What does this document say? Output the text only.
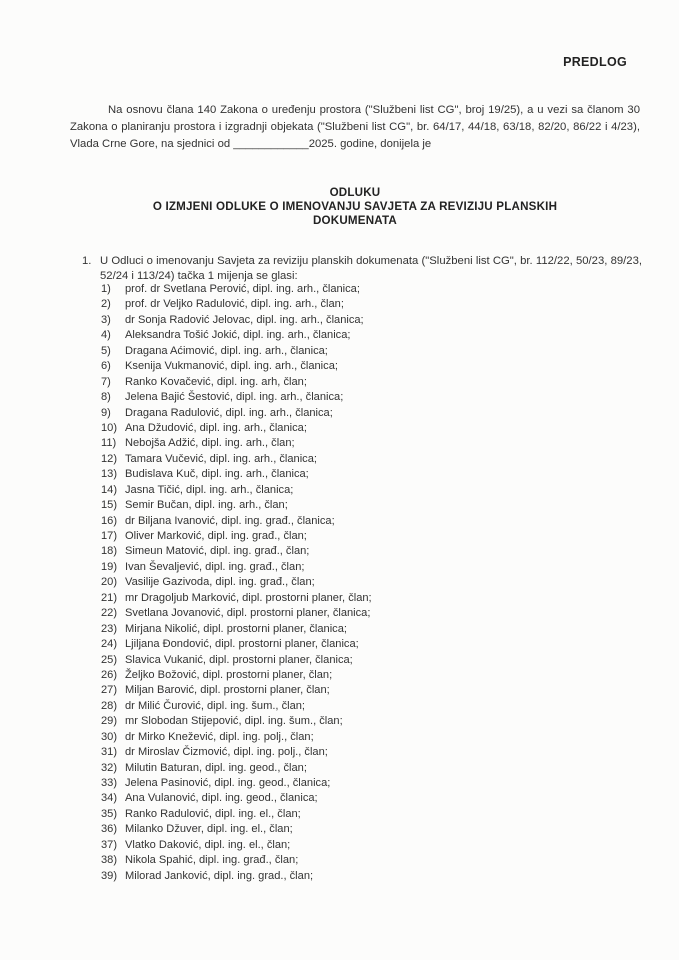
PREDLOG
Na osnovu člana 140 Zakona o uređenju prostora ("Službeni list CG", broj 19/25), a u vezi sa članom 30 Zakona o planiranju prostora i izgradnji objekata ("Službeni list CG", br. 64/17, 44/18, 63/18, 82/20, 86/22 i 4/23), Vlada Crne Gore, na sjednici od ____________2025. godine, donijela je
ODLUKU
O IZMJENI ODLUKE O IMENOVANJU SAVJETA ZA REVIZIJU PLANSKIH
DOKUMENATA
1. U Odluci o imenovanju Savjeta za reviziju planskih dokumenata ("Službeni list CG", br. 112/22, 50/23, 89/23, 52/24 i 113/24) tačka 1 mijenja se glasi:
1) prof. dr Svetlana Perović, dipl. ing. arh., članica;
2) prof. dr Veljko Radulović, dipl. ing. arh., član;
3) dr Sonja Radović Jelovac, dipl. ing. arh., članica;
4) Aleksandra Tošić Jokić, dipl. ing. arh., članica;
5) Dragana Aćimović, dipl. ing. arh., članica;
6) Ksenija Vukmanović, dipl. ing. arh., članica;
7) Ranko Kovačević, dipl. ing. arh, član;
8) Jelena Bajić Šestović, dipl. ing. arh., članica;
9) Dragana Radulović, dipl. ing. arh., članica;
10) Ana Džudović, dipl. ing. arh., članica;
11) Nebojša Adžić, dipl. ing. arh., član;
12) Tamara Vučević, dipl. ing. arh., članica;
13) Budislava Kuč, dipl. ing. arh., članica;
14) Jasna Tičić, dipl. ing. arh., članica;
15) Semir Bučan, dipl. ing. arh., član;
16) dr Biljana Ivanović, dipl. ing. građ., članica;
17) Oliver Marković, dipl. ing. građ., član;
18) Simeun Matović, dipl. ing. građ., član;
19) Ivan Ševaljević, dipl. ing. građ., član;
20) Vasilije Gazivoda, dipl. ing. građ., član;
21) mr Dragoljub Marković, dipl. prostorni planer, član;
22) Svetlana Jovanović, dipl. prostorni planer, članica;
23) Mirjana Nikolić, dipl. prostorni planer, članica;
24) Ljiljana Đondović, dipl. prostorni planer, članica;
25) Slavica Vukanić, dipl. prostorni planer, članica;
26) Željko Božović, dipl. prostorni planer, član;
27) Miljan Barović, dipl. prostorni planer, član;
28) dr Milić Čurović, dipl. ing. šum., član;
29) mr Slobodan Stijepović, dipl. ing. šum., član;
30) dr Mirko Knežević, dipl. ing. polj., član;
31) dr Miroslav Čizmović, dipl. ing. polj., član;
32) Milutin Baturan, dipl. ing. geod., član;
33) Jelena Pasinović, dipl. ing. geod., članica;
34) Ana Vulanović, dipl. ing. geod., članica;
35) Ranko Radulović, dipl. ing. el., član;
36) Milanko Džuver, dipl. ing. el., član;
37) Vlatko Daković, dipl. ing. el., član;
38) Nikola Spahić, dipl. ing. građ., član;
39) Milorad Janković, dipl. ing. grad., član;
